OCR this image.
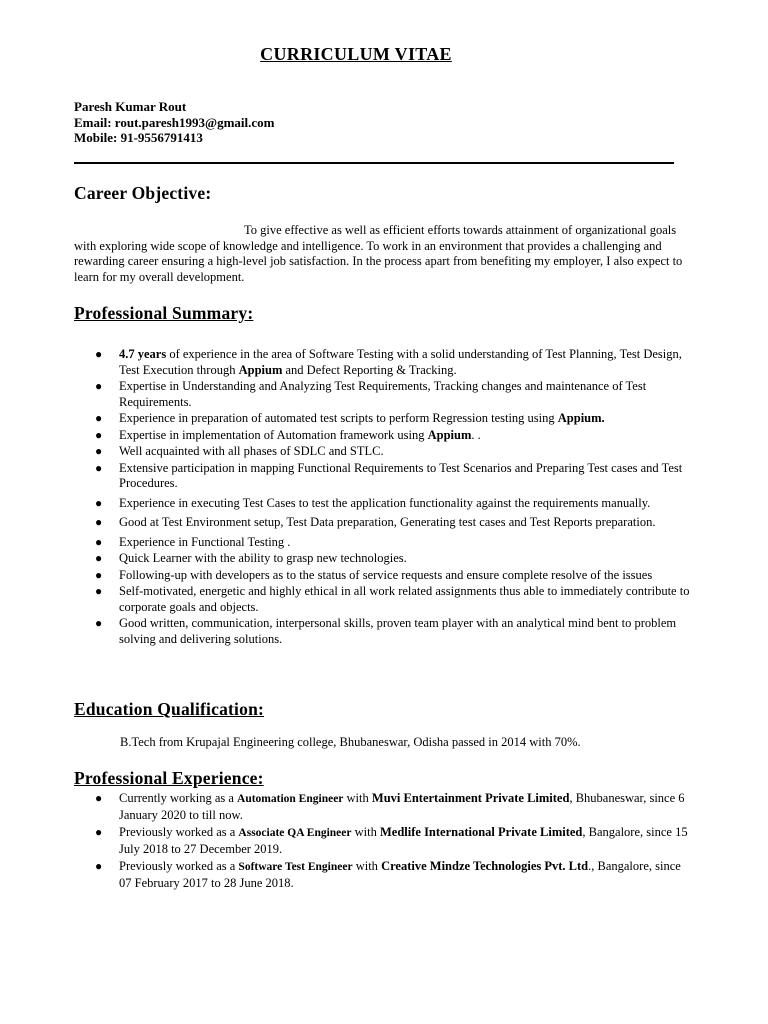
CURRICULUM VITAE
Paresh Kumar Rout
Email: rout.paresh1993@gmail.com
Mobile: 91-9556791413
Career Objective:
To give effective as well as efficient efforts towards attainment of organizational goals with exploring wide scope of knowledge and intelligence. To work in an environment that provides a challenging and rewarding career ensuring a high-level job satisfaction. In the process apart from benefiting my employer, I also expect to learn for my overall development.
Professional Summary:
● 4.7 years of experience in the area of Software Testing with a solid understanding of Test Planning, Test Design, Test Execution through Appium and Defect Reporting & Tracking.
● Expertise in Understanding and Analyzing Test Requirements, Tracking changes and maintenance of Test Requirements.
● Experience in preparation of automated test scripts to perform Regression testing using Appium.
● Expertise in implementation of Automation framework using Appium. .
● Well acquainted with all phases of SDLC and STLC.
● Extensive participation in mapping Functional Requirements to Test Scenarios and Preparing Test cases and Test Procedures.
● Experience in executing Test Cases to test the application functionality against the requirements manually.
● Good at Test Environment setup, Test Data preparation, Generating test cases and Test Reports preparation.
● Experience in Functional Testing .
● Quick Learner with the ability to grasp new technologies.
● Following-up with developers as to the status of service requests and ensure complete resolve of the issues
● Self-motivated, energetic and highly ethical in all work related assignments thus able to immediately contribute to corporate goals and objects.
● Good written, communication, interpersonal skills, proven team player with an analytical mind bent to problem solving and delivering solutions.
Education Qualification:
B.Tech from Krupajal Engineering college, Bhubaneswar, Odisha passed in 2014 with 70%.
Professional Experience:
● Currently working as a Automation Engineer with Muvi Entertainment Private Limited, Bhubaneswar, since 6 January 2020 to till now.
● Previously worked as a Associate QA Engineer with Medlife International Private Limited, Bangalore, since 15 July 2018 to 27 December 2019.
● Previously worked as a Software Test Engineer with Creative Mindze Technologies Pvt. Ltd., Bangalore, since 07 February 2017 to 28 June 2018.
